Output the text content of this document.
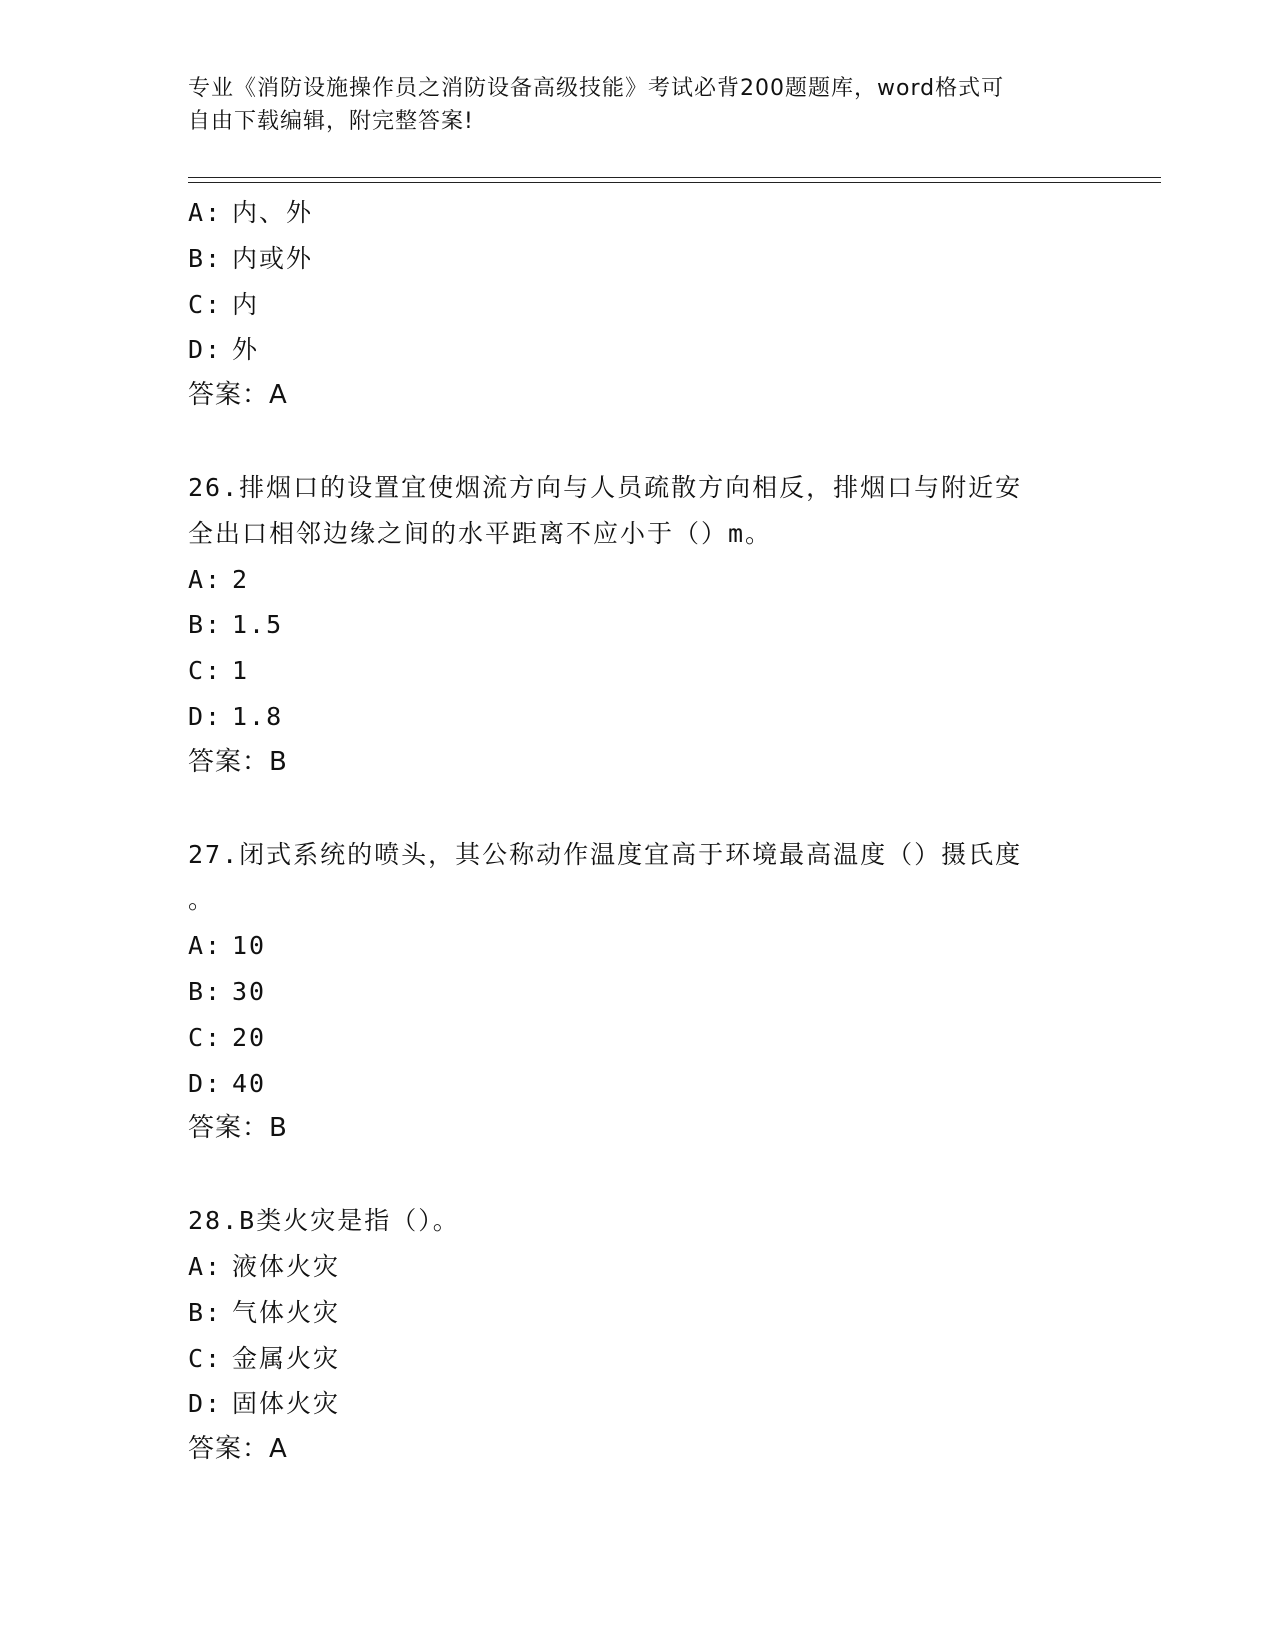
专业《消防设施操作员之消防设备高级技能》考试必背200题题库，word格式可
自由下载编辑，附完整答案!
A: 内、外
B: 内或外
C: 内
D: 外
答案：A
26.排烟口的设置宜使烟流方向与人员疏散方向相反，排烟口与附近安
全出口相邻边缘之间的水平距离不应小于（）m。
A: 2
B: 1.5
C: 1
D: 1.8
答案：B
27.闭式系统的喷头，其公称动作温度宜高于环境最高温度（）摄氏度
。
A: 10
B: 30
C: 20
D: 40
答案：B
28.B类火灾是指（）。
A: 液体火灾
B: 气体火灾
C: 金属火灾
D: 固体火灾
答案：A
